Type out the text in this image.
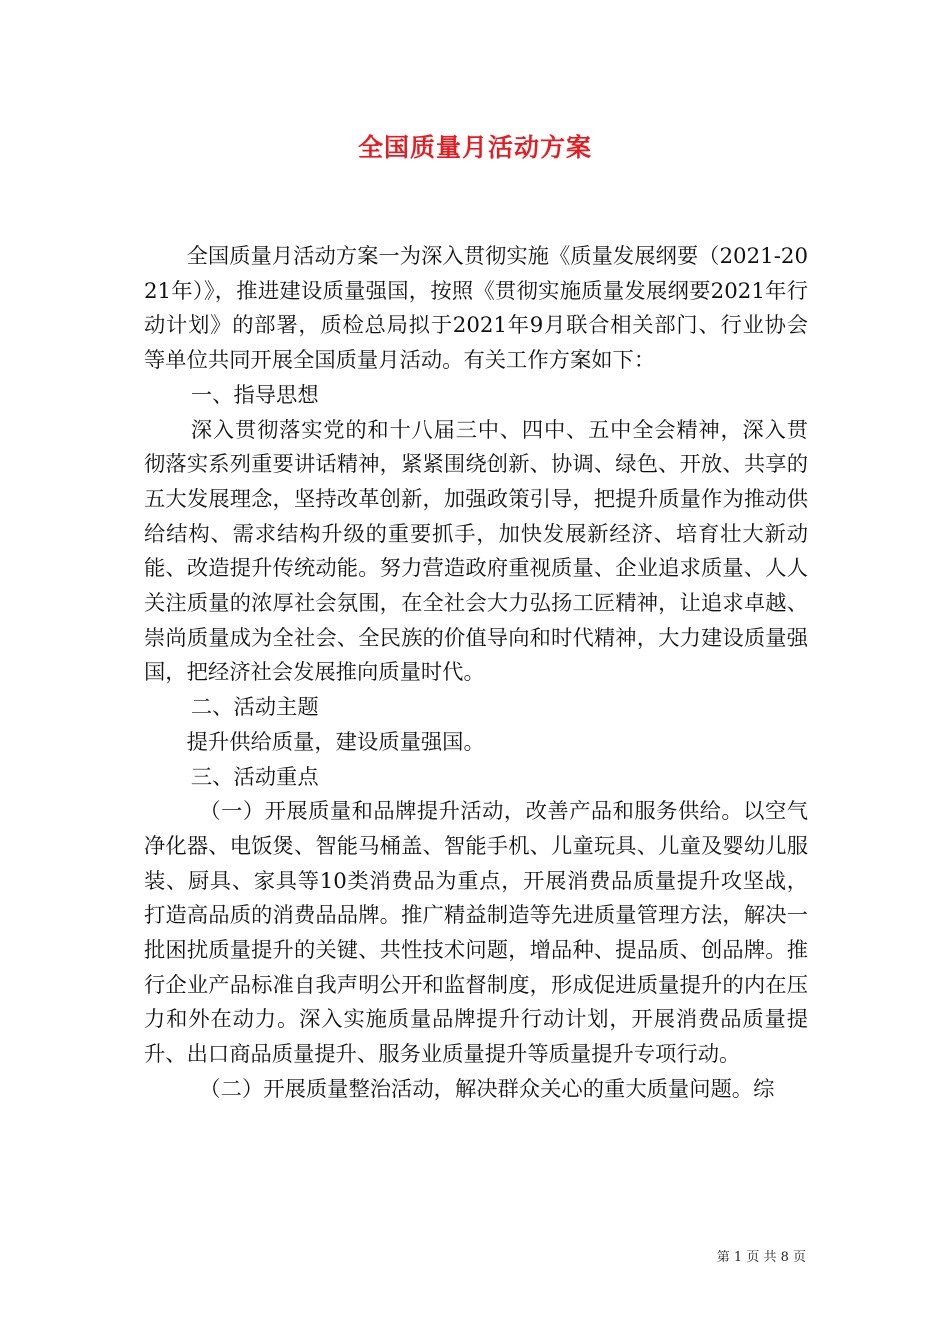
全国质量月活动方案

全国质量月活动方案一为深入贯彻实施《质量发展纲要（2021-2021年）》，推进建设质量强国，按照《贯彻实施质量发展纲要2021年行动计划》的部署，质检总局拟于2021年9月联合相关部门、行业协会等单位共同开展全国质量月活动。有关工作方案如下：

一、指导思想

深入贯彻落实党的和十八届三中、四中、五中全会精神，深入贯彻落实系列重要讲话精神，紧紧围绕创新、协调、绿色、开放、共享的五大发展理念，坚持改革创新，加强政策引导，把提升质量作为推动供给结构、需求结构升级的重要抓手，加快发展新经济、培育壮大新动能、改造提升传统动能。努力营造政府重视质量、企业追求质量、人人关注质量的浓厚社会氛围，在全社会大力弘扬工匠精神，让追求卓越、崇尚质量成为全社会、全民族的价值导向和时代精神，大力建设质量强国，把经济社会发展推向质量时代。

二、活动主题

提升供给质量，建设质量强国。

三、活动重点

（一）开展质量和品牌提升活动，改善产品和服务供给。以空气净化器、电饭煲、智能马桶盖、智能手机、儿童玩具、儿童及婴幼儿服装、厨具、家具等10类消费品为重点，开展消费品质量提升攻坚战，打造高品质的消费品品牌。推广精益制造等先进质量管理方法，解决一批困扰质量提升的关键、共性技术问题，增品种、提品质、创品牌。推行企业产品标准自我声明公开和监督制度，形成促进质量提升的内在压力和外在动力。深入实施质量品牌提升行动计划，开展消费品质量提升、出口商品质量提升、服务业质量提升等质量提升专项行动。

（二）开展质量整治活动，解决群众关心的重大质量问题。综

第 1 页 共 8 页
